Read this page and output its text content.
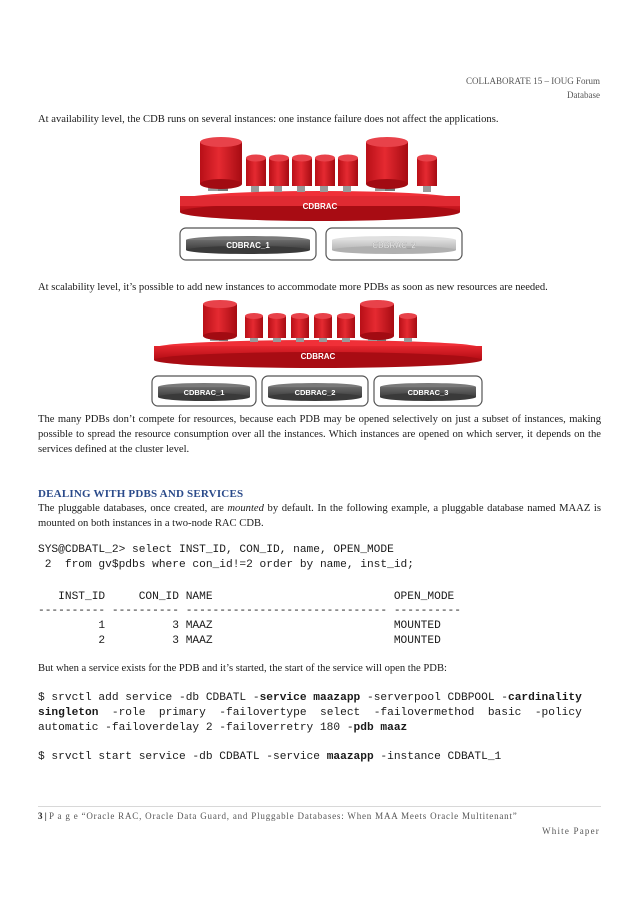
COLLABORATE 15 – IOUG Forum
Database
At availability level, the CDB runs on several instances: one instance failure does not affect the applications.
CDBRAC
CDBRAC_1	CDBRAC_2
At scalability level, it’s possible to add new instances to accommodate more PDBs as soon as new resources are needed.
CDBRAC
CDBRAC_1	CDBRAC_2	CDBRAC_3
The many PDBs don’t compete for resources, because each PDB may be opened selectively on just a subset of instances, making possible to spread the resource consumption over all the instances. Which instances are opened on which server, it depends on the services defined at the cluster level.
DEALING WITH PDBS AND SERVICES
The pluggable databases, once created, are mounted by default. In the following example, a pluggable database named MAAZ is mounted on both instances in a two-node RAC CDB.
SYS@CDBATL_2> select INST_ID, CON_ID, name, OPEN_MODE
2  from gv$pdbs where con_id!=2 order by name, inst_id;
INST_ID     CON_ID NAME                           OPEN_MODE
---------- ---------- ------------------------------ ----------
1          3 MAAZ                           MOUNTED
2          3 MAAZ                           MOUNTED
But when a service exists for the PDB and it’s started, the start of the service will open the PDB:
$ srvctl add service -db CDBATL -service maazapp -serverpool CDBPOOL -cardinality
singleton  -role  primary  -failovertype  select  -failovermethod  basic  -policy
automatic -failoverdelay 2 -failoverretry 180 -pdb maaz
$ srvctl start service -db CDBATL -service maazapp -instance CDBATL_1
3 | P a g e “Oracle RAC, Oracle Data Guard, and Pluggable Databases: When MAA Meets Oracle Multitenant”
White Paper
